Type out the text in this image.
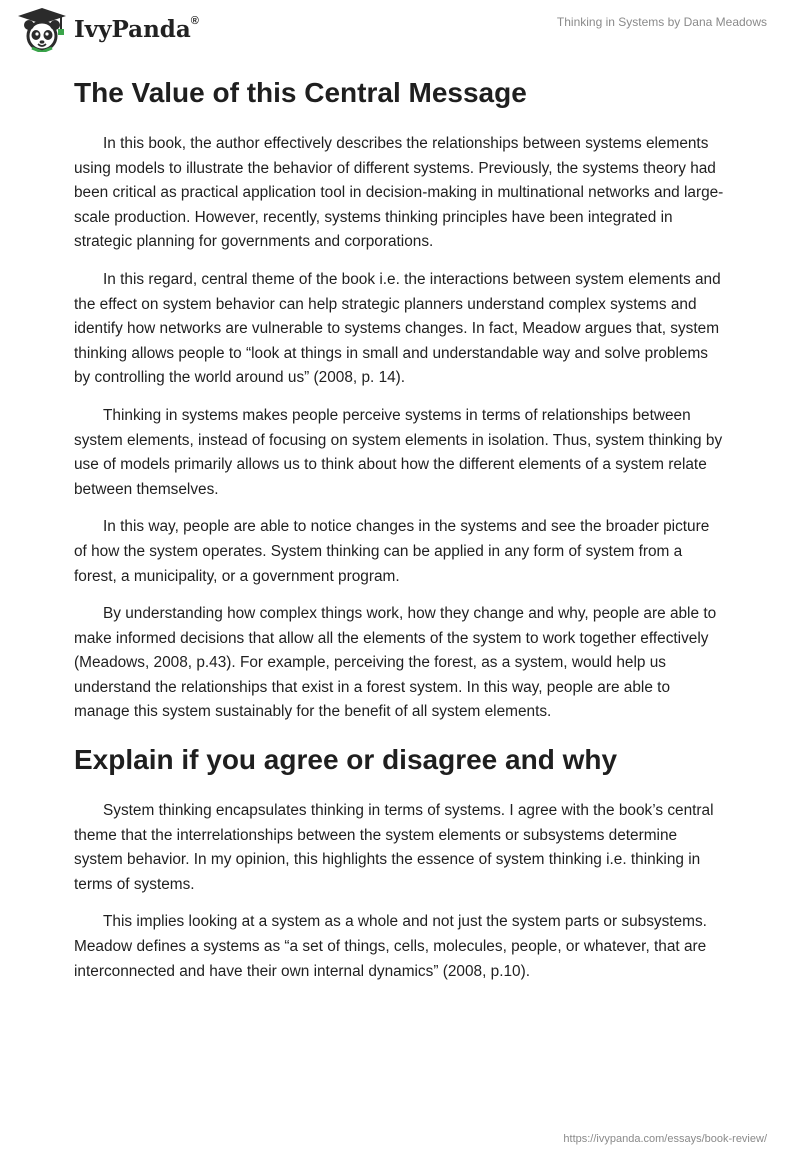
IvyPanda®	Thinking in Systems by Dana Meadows
The Value of this Central Message

In this book, the author effectively describes the relationships between systems elements using models to illustrate the behavior of different systems. Previously, the systems theory had been critical as practical application tool in decision-making in multinational networks and large-scale production. However, recently, systems thinking principles have been integrated in strategic planning for governments and corporations.

In this regard, central theme of the book i.e. the interactions between system elements and the effect on system behavior can help strategic planners understand complex systems and identify how networks are vulnerable to systems changes. In fact, Meadow argues that, system thinking allows people to “look at things in small and understandable way and solve problems by controlling the world around us” (2008, p. 14).

Thinking in systems makes people perceive systems in terms of relationships between system elements, instead of focusing on system elements in isolation. Thus, system thinking by use of models primarily allows us to think about how the different elements of a system relate between themselves.

In this way, people are able to notice changes in the systems and see the broader picture of how the system operates. System thinking can be applied in any form of system from a forest, a municipality, or a government program.

By understanding how complex things work, how they change and why, people are able to make informed decisions that allow all the elements of the system to work together effectively (Meadows, 2008, p.43). For example, perceiving the forest, as a system, would help us understand the relationships that exist in a forest system. In this way, people are able to manage this system sustainably for the benefit of all system elements.

Explain if you agree or disagree and why

System thinking encapsulates thinking in terms of systems. I agree with the book’s central theme that the interrelationships between the system elements or subsystems determine system behavior. In my opinion, this highlights the essence of system thinking i.e. thinking in terms of systems.

This implies looking at a system as a whole and not just the system parts or subsystems. Meadow defines a systems as “a set of things, cells, molecules, people, or whatever, that are interconnected and have their own internal dynamics” (2008, p.10).

https://ivypanda.com/essays/book-review/
